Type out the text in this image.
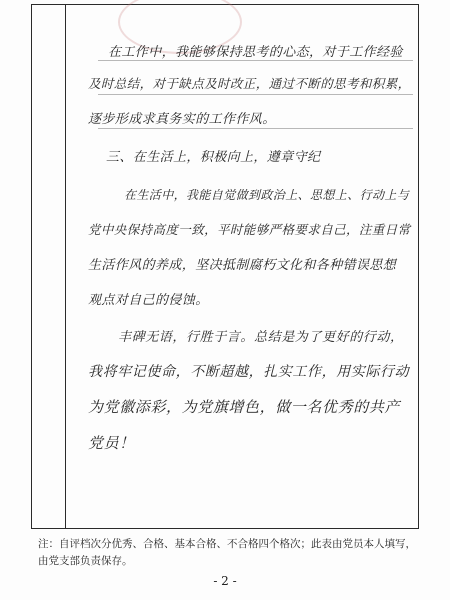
在工作中，我能够保持思考的心态，对于工作经验
及时总结，对于缺点及时改正，通过不断的思考和积累，
逐步形成求真务实的工作作风。
三、在生活上，积极向上，遵章守纪
在生活中，我能自觉做到政治上、思想上、行动上与
党中央保持高度一致，平时能够严格要求自己，注重日常
生活作风的养成，坚决抵制腐朽文化和各种错误思想
观点对自己的侵蚀。
丰碑无语，行胜于言。总结是为了更好的行动，
我将牢记使命，不断超越，扎实工作，用实际行动
为党徽添彩，为党旗增色，做一名优秀的共产
党员！
注：自评档次分优秀、合格、基本合格、不合格四个格次；此表由党员本人填写，由党支部负责保存。
- 2 -
